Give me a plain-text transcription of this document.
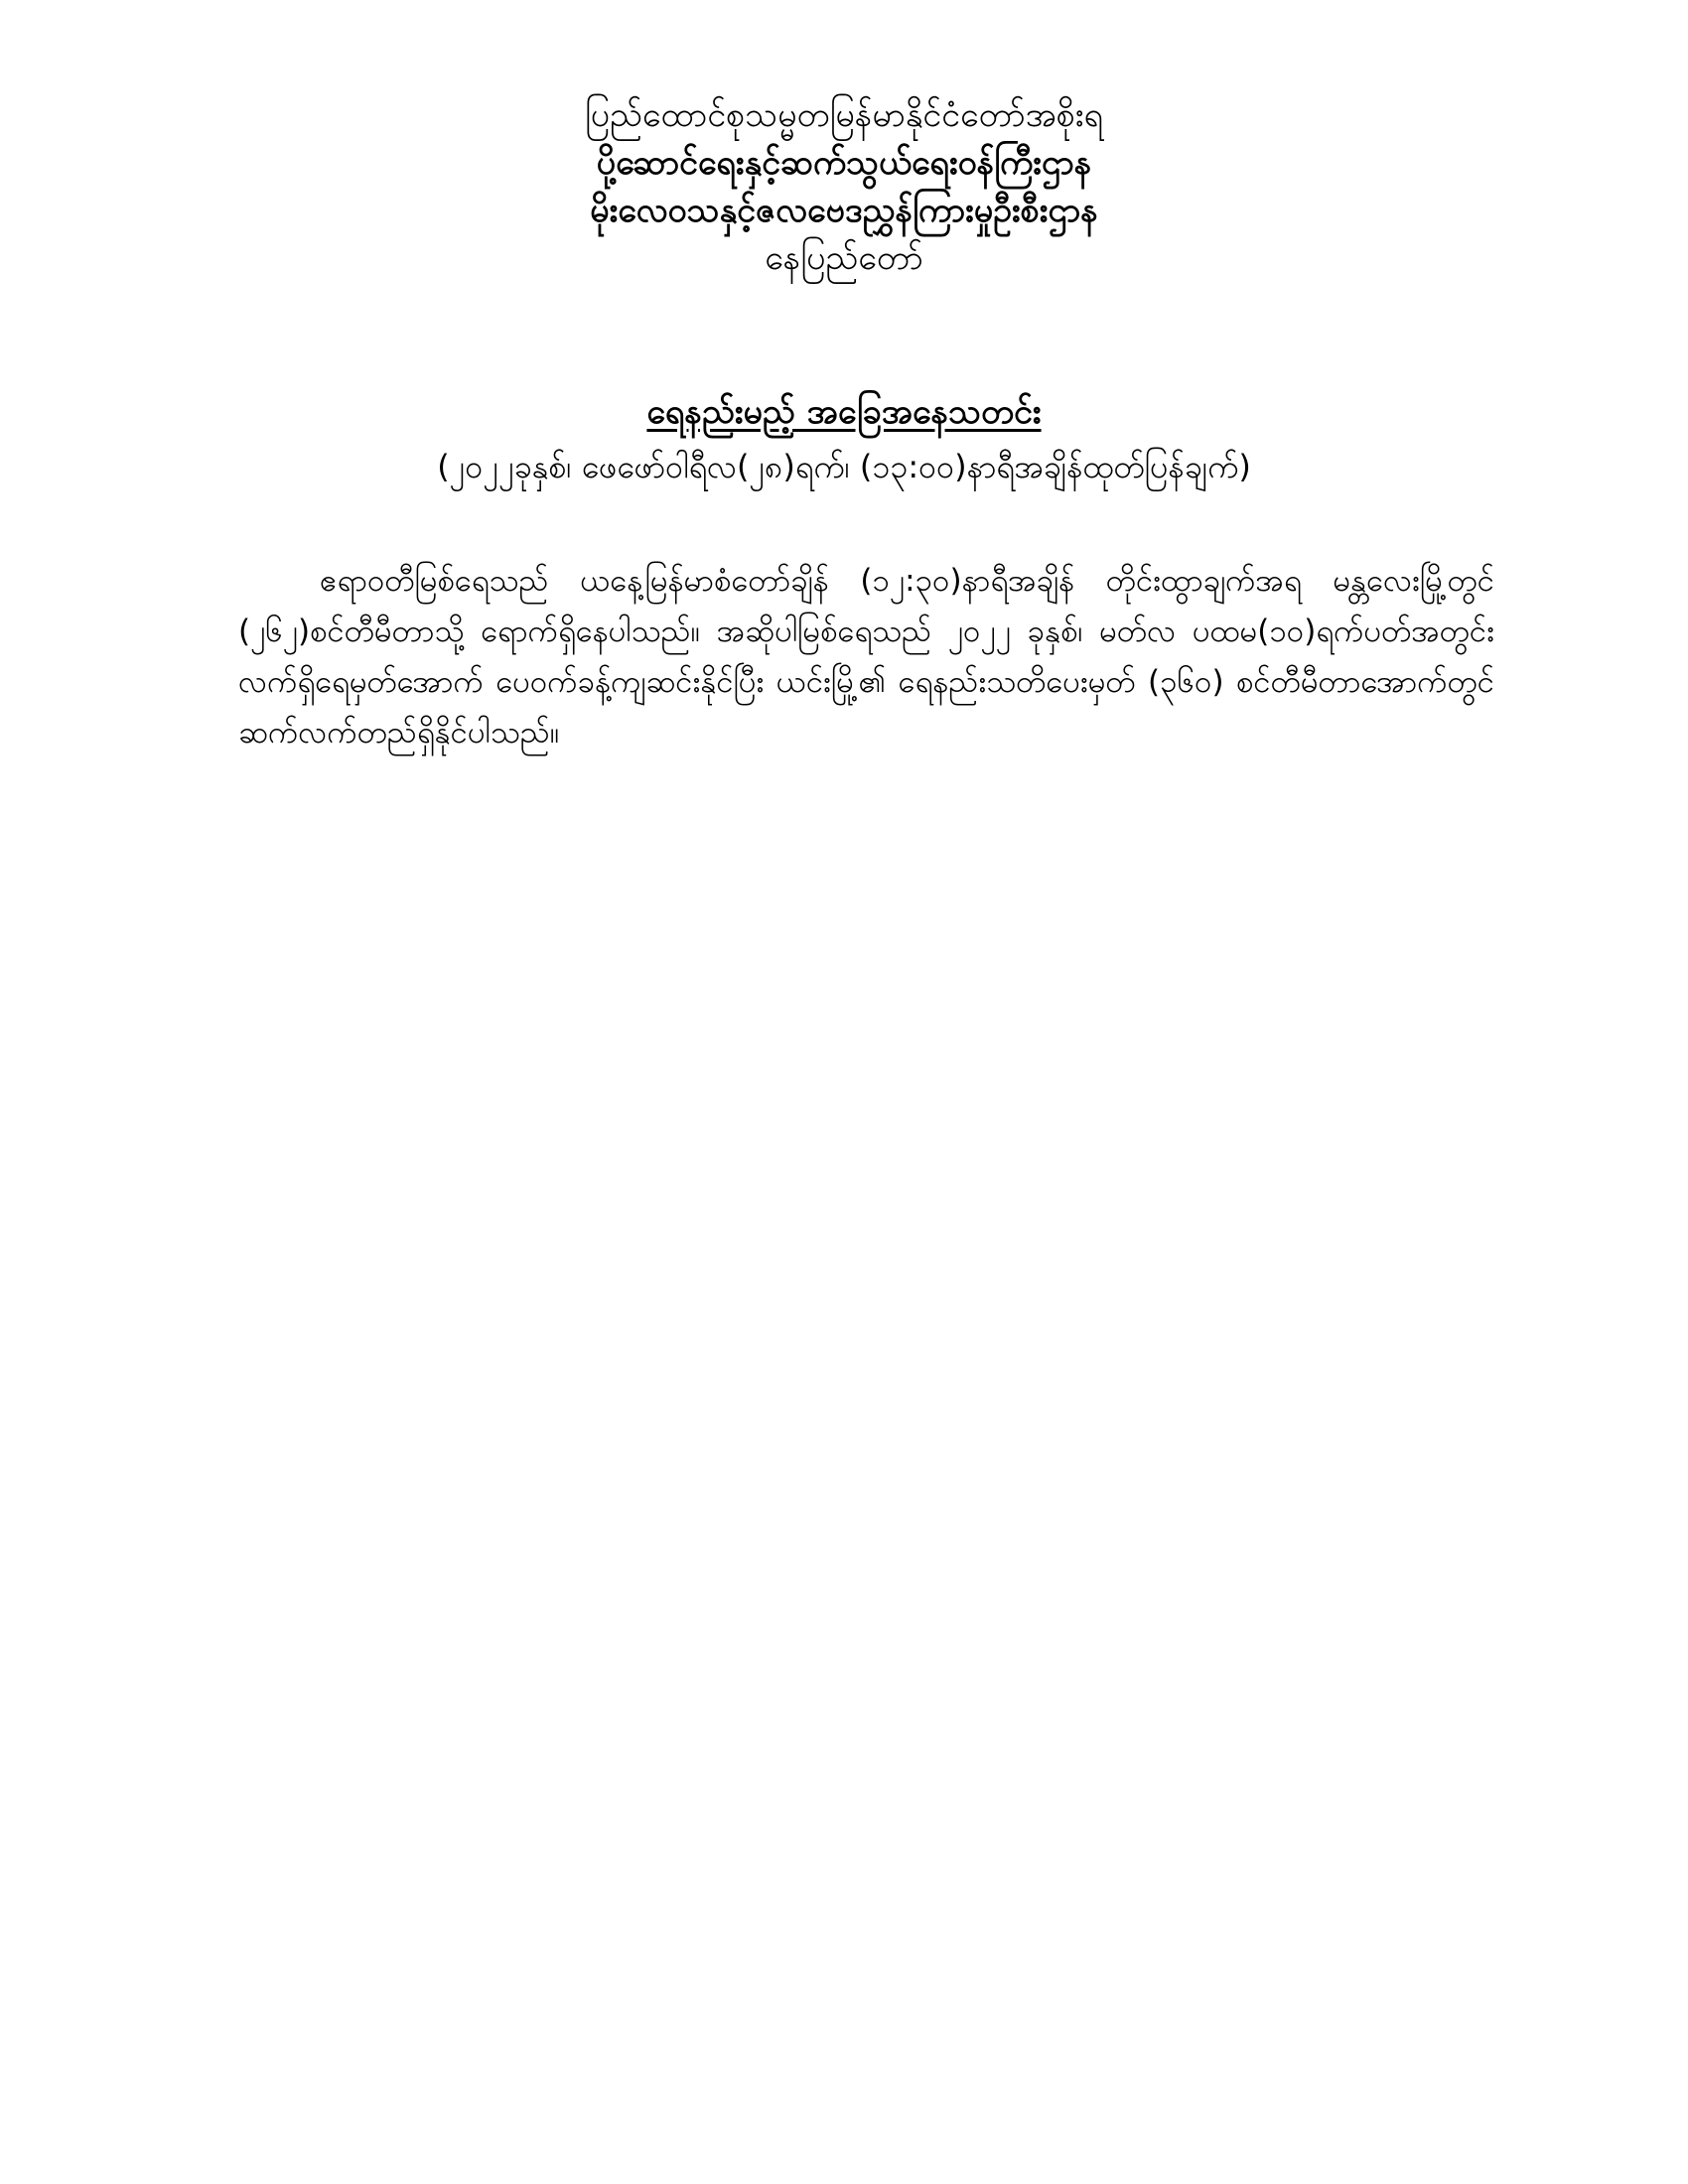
ပြည်ထောင်စုသမ္မတမြန်မာနိုင်ငံတော်အစိုးရ
ပို့ဆောင်ရေးနှင့်ဆက်သွယ်ရေးဝန်ကြီးဌာန
မိုးလေဝသနှင့်ဇလဗေဒညွှန်ကြားမှုဦးစီးဌာန
နေပြည်တော်
ရေနည်းမည့် အခြေအနေသတင်း
(၂၀၂၂ခုနှစ်၊ ဖေဖော်ဝါရီလ(၂၈)ရက်၊ (၁၃:၀၀)နာရီအချိန်ထုတ်ပြန်ချက်)

ဧရာဝတီမြစ်ရေသည် ယနေ့မြန်မာစံတော်ချိန် (၁၂:၃၀)နာရီအချိန် တိုင်းထွာချက်အရ မန္တလေးမြို့တွင် (၂၆၂)စင်တီမီတာသို့ ရောက်ရှိနေပါသည်။ အဆိုပါမြစ်ရေသည် ၂၀၂၂ ခုနှစ်၊ မတ်လ ပထမ(၁၀)ရက်ပတ်အတွင်း လက်ရှိရေမှတ်အောက် ပေ၀က်ခန့်ကျဆင်းနိုင်ပြီး ယင်းမြို့၏ ရေနည်းသတိပေးမှတ် (၃၆၀) စင်တီမီတာအောက်တွင် ဆက်လက်တည်ရှိနိုင်ပါသည်။
